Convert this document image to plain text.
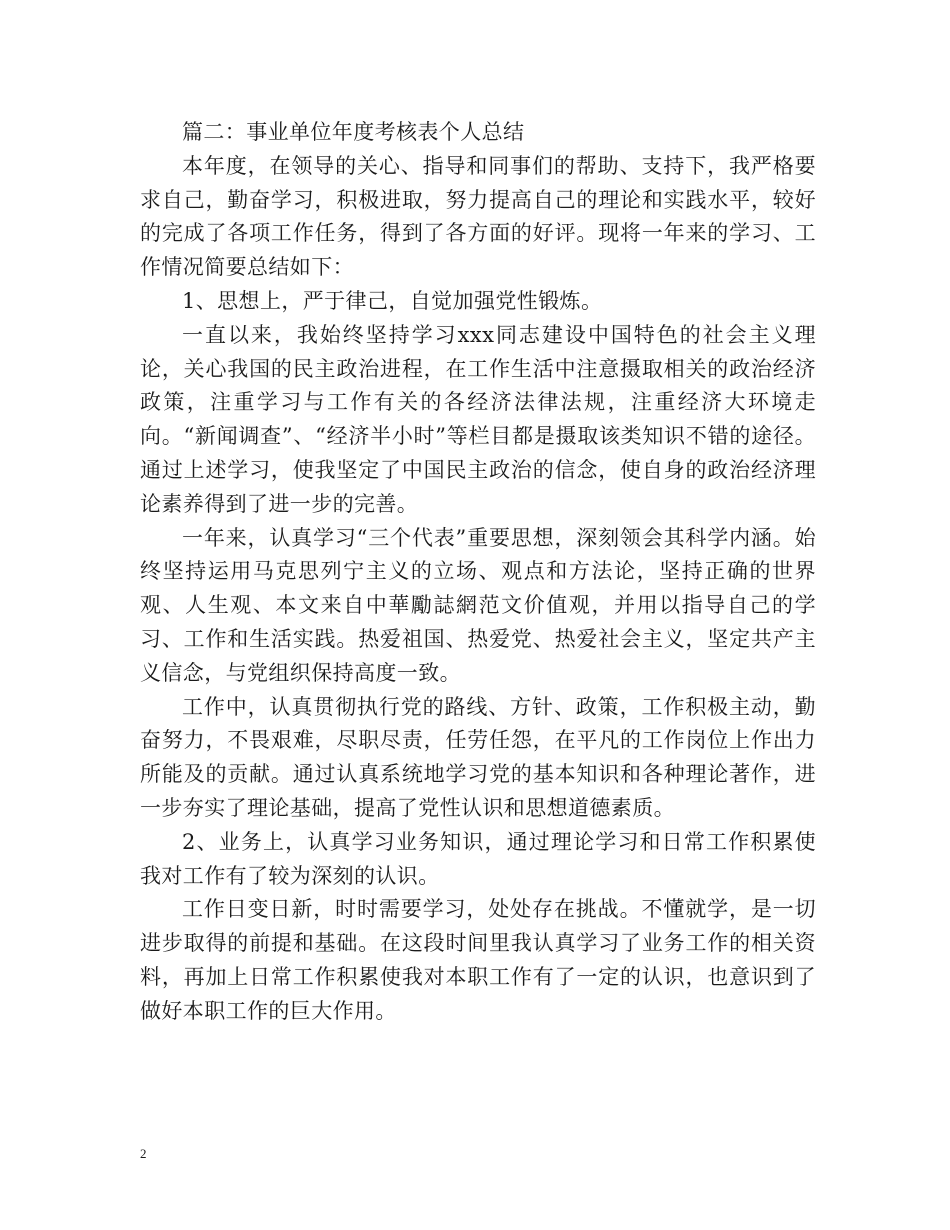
篇二：事业单位年度考核表个人总结

本年度，在领导的关心、指导和同事们的帮助、支持下，我严格要求自己，勤奋学习，积极进取，努力提高自己的理论和实践水平，较好的完成了各项工作任务，得到了各方面的好评。现将一年来的学习、工作情况简要总结如下：

1、思想上，严于律己，自觉加强党性锻炼。

一直以来，我始终坚持学习xxx同志建设中国特色的社会主义理论，关心我国的民主政治进程，在工作生活中注意摄取相关的政治经济政策，注重学习与工作有关的各经济法律法规，注重经济大环境走向。“新闻调查”、“经济半小时”等栏目都是摄取该类知识不错的途径。通过上述学习，使我坚定了中国民主政治的信念，使自身的政治经济理论素养得到了进一步的完善。

一年来，认真学习“三个代表”重要思想，深刻领会其科学内涵。始终坚持运用马克思列宁主义的立场、观点和方法论，坚持正确的世界观、人生观、本文来自中華勵誌網范文价值观，并用以指导自己的学习、工作和生活实践。热爱祖国、热爱党、热爱社会主义，坚定共产主义信念，与党组织保持高度一致。

工作中，认真贯彻执行党的路线、方针、政策，工作积极主动，勤奋努力，不畏艰难，尽职尽责，任劳任怨，在平凡的工作岗位上作出力所能及的贡献。通过认真系统地学习党的基本知识和各种理论著作，进一步夯实了理论基础，提高了党性认识和思想道德素质。

2、业务上，认真学习业务知识，通过理论学习和日常工作积累使我对工作有了较为深刻的认识。

工作日变日新，时时需要学习，处处存在挑战。不懂就学，是一切进步取得的前提和基础。在这段时间里我认真学习了业务工作的相关资料，再加上日常工作积累使我对本职工作有了一定的认识，也意识到了做好本职工作的巨大作用。

2
